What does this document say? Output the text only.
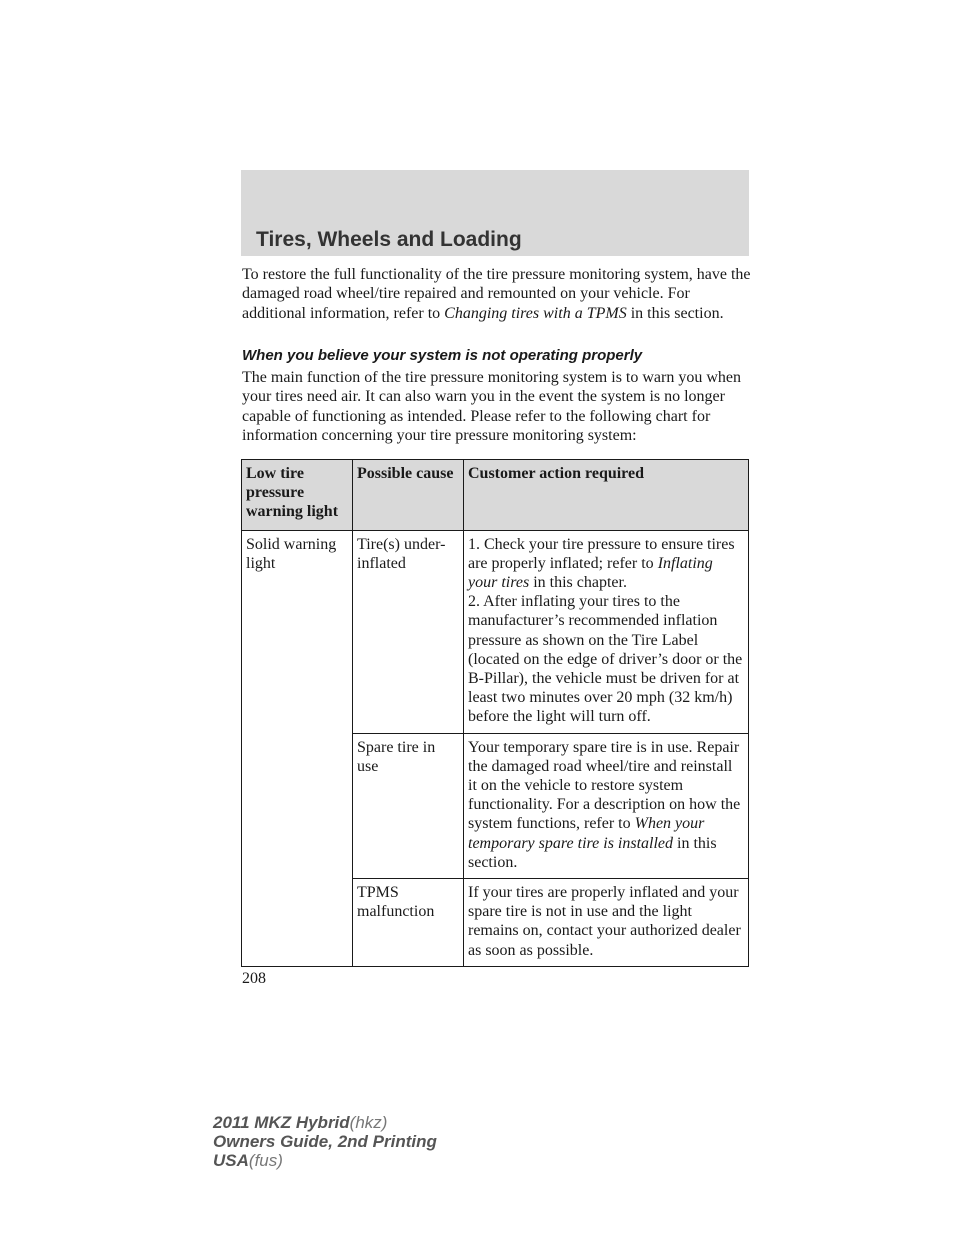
Tires, Wheels and Loading

To restore the full functionality of the tire pressure monitoring system, have the damaged road wheel/tire repaired and remounted on your vehicle. For additional information, refer to Changing tires with a TPMS in this section.

When you believe your system is not operating properly

The main function of the tire pressure monitoring system is to warn you when your tires need air. It can also warn you in the event the system is no longer capable of functioning as intended. Please refer to the following chart for information concerning your tire pressure monitoring system:

Low tire pressure warning light	Possible cause	Customer action required
Solid warning light	Tire(s) under-inflated	1. Check your tire pressure to ensure tires are properly inflated; refer to Inflating your tires in this chapter.
2. After inflating your tires to the manufacturer’s recommended inflation pressure as shown on the Tire Label (located on the edge of driver’s door or the B-Pillar), the vehicle must be driven for at least two minutes over 20 mph (32 km/h) before the light will turn off.
	Spare tire in use	Your temporary spare tire is in use. Repair the damaged road wheel/tire and reinstall it on the vehicle to restore system functionality. For a description on how the system functions, refer to When your temporary spare tire is installed in this section.
	TPMS malfunction	If your tires are properly inflated and your spare tire is not in use and the light remains on, contact your authorized dealer as soon as possible.
208
2011 MKZ Hybrid(hkz)
Owners Guide, 2nd Printing
USA(fus)
